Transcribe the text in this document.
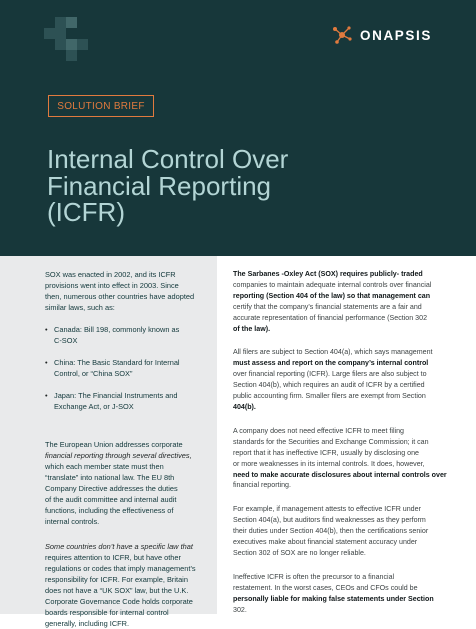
ONAPSIS
SOLUTION BRIEF
Internal Control Over
Financial Reporting
(ICFR)

SOX was enacted in 2002, and its ICFR

provisions went into effect in 2003. Since

then, numerous other countries have adopted

similar laws, such as:

• Canada: Bill 198, commonly known as

C-SOX

• China: The Basic Standard for Internal

Control, or “China SOX”

• Japan: The Financial Instruments and

Exchange Act, or J-SOX

The European Union addresses corporate

financial reporting through several directives,

which each member state must then

“translate” into national law. The EU 8th

Company Directive addresses the duties

of the audit committee and internal audit

functions, including the effectiveness of

internal controls.

Some countries don’t have a specific law that

requires attention to ICFR, but have other

regulations or codes that imply management’s

responsibility for ICFR. For example, Britain

does not have a “UK SOX” law, but the U.K.

Corporate Governance Code holds corporate

boards responsible for internal control

generally, including ICFR.

The Sarbanes -Oxley Act (SOX) requires publicly- traded

companies to maintain adequate internal controls over financial

reporting (Section 404 of the law) so that management can

certify that the company’s financial statements are a fair and

accurate representation of financial performance (Section 302

of the law).

All filers are subject to Section 404(a), which says management

must assess and report on the company’s internal control

over financial reporting (ICFR). Large filers are also subject to

Section 404(b), which requires an audit of ICFR by a certified

public accounting firm. Smaller filers are exempt from Section

404(b).

A company does not need effective ICFR to meet filing

standards for the Securities and Exchange Commission; it can

report that it has ineffective ICFR, usually by disclosing one

or more weaknesses in its internal controls. It does, however,

need to make accurate disclosures about internal controls over

financial reporting.

For example, if management attests to effective ICFR under

Section 404(a), but auditors find weaknesses as they perform

their duties under Section 404(b), then the certifications senior

executives make about financial statement accuracy under

Section 302 of SOX are no longer reliable.

Ineffective ICFR is often the precursor to a financial

restatement. In the worst cases, CEOs and CFOs could be

personally liable for making false statements under Section

302.
